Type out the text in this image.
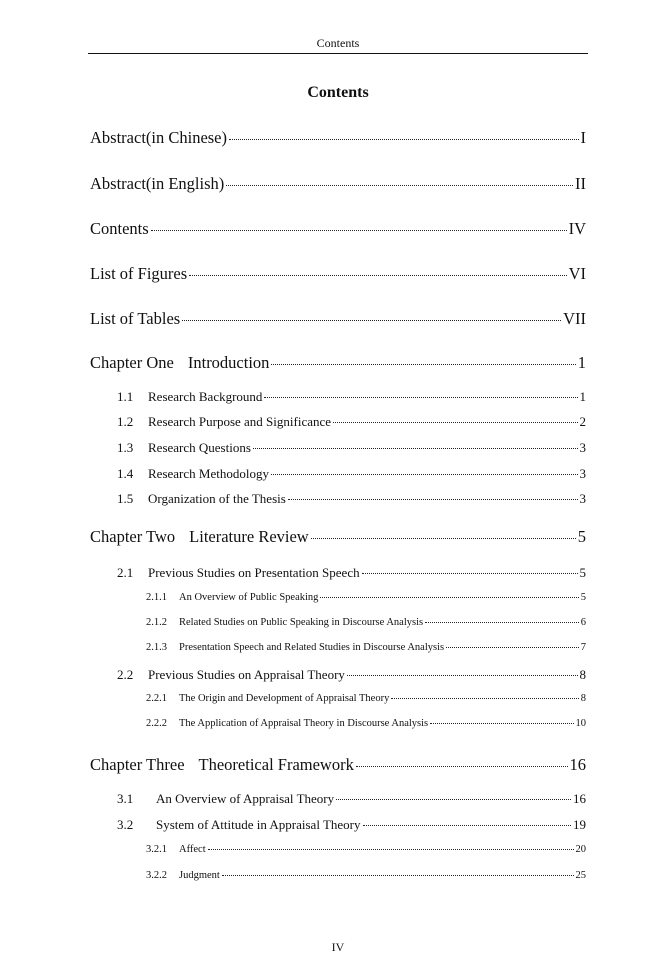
Contents
Contents
Abstract(in Chinese)	I
Abstract(in English)	II
Contents	IV
List of Figures	VI
List of Tables	VII
Chapter One Introduction	1
1.1	Research Background	1
1.2	Research Purpose and Significance	2
1.3	Research Questions	3
1.4	Research Methodology	3
1.5	Organization of the Thesis	3
Chapter Two Literature Review	5
2.1	Previous Studies on Presentation Speech	5
2.1.1	An Overview of Public Speaking	5
2.1.2	Related Studies on Public Speaking in Discourse Analysis	6
2.1.3	Presentation Speech and Related Studies in Discourse Analysis	7
2.2	Previous Studies on Appraisal Theory	8
2.2.1	The Origin and Development of Appraisal Theory	8
2.2.2	The Application of Appraisal Theory in Discourse Analysis	10
Chapter Three Theoretical Framework	16
3.1	An Overview of Appraisal Theory	16
3.2	System of Attitude in Appraisal Theory	19
3.2.1	Affect	20
3.2.2	Judgment	25
IV
